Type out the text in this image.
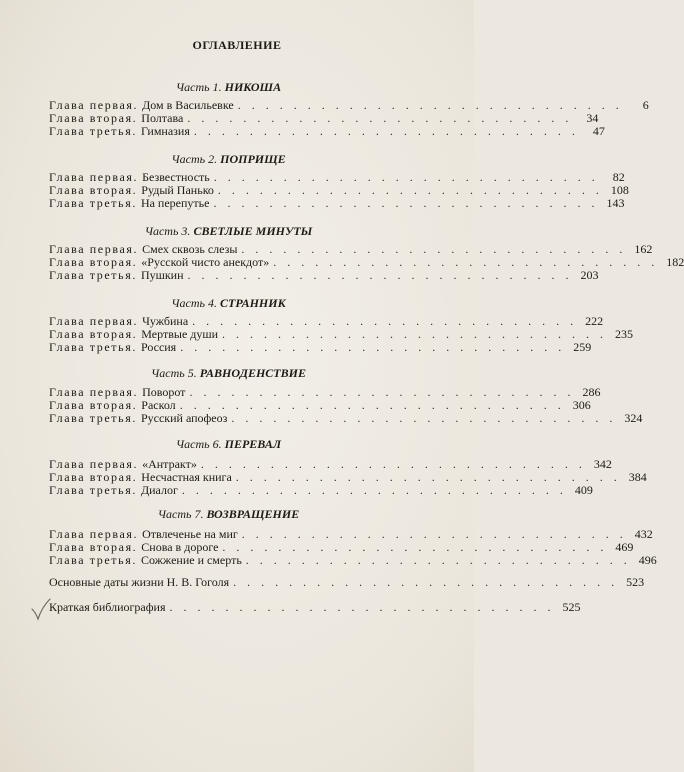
ОГЛАВЛЕНИЕ
Часть 1. НИКОША
Глава первая. Дом в Васильевке . . . . . . . . . . . . . . . . . . . . . . . . . . . .	6
Глава вторая. Полтава . . . . . . . . . . . . . . . . . . . . . . . . . . . .	34
Глава третья. Гимназия . . . . . . . . . . . . . . . . . . . . . . . . . . . .	47
Часть 2. ПОПРИЩЕ
Глава первая. Безвестность . . . . . . . . . . . . . . . . . . . . . . . . . . . .	82
Глава вторая. Рудый Панько . . . . . . . . . . . . . . . . . . . . . . . . . . . . 108
Глава третья. На перепутье . . . . . . . . . . . . . . . . . . . . . . . . . . . . 143
Часть 3. СВЕТЛЫЕ МИНУТЫ
Глава первая. Смех сквозь слезы . . . . . . . . . . . . . . . . . . . . . . . . . . . . 162
Глава вторая. «Русской чисто анекдот» . . . . . . . . . . . . . . . . . . . . . . . . . . . . 182
Глава третья. Пушкин . . . . . . . . . . . . . . . . . . . . . . . . . . . . 203
Часть 4. СТРАННИК
Глава первая. Чужбина . . . . . . . . . . . . . . . . . . . . . . . . . . . . 222
Глава вторая. Мертвые души . . . . . . . . . . . . . . . . . . . . . . . . . . . . 235
Глава третья. Россия . . . . . . . . . . . . . . . . . . . . . . . . . . . . 259
Часть 5. РАВНОДЕНСТВИЕ
Глава первая. Поворот . . . . . . . . . . . . . . . . . . . . . . . . . . . . 286
Глава вторая. Раскол . . . . . . . . . . . . . . . . . . . . . . . . . . . . 306
Глава третья. Русский апофеоз . . . . . . . . . . . . . . . . . . . . . . . . . . . . 324
Часть 6. ПЕРЕВАЛ
Глава первая. «Антракт» . . . . . . . . . . . . . . . . . . . . . . . . . . . . 342
Глава вторая. Несчастная книга . . . . . . . . . . . . . . . . . . . . . . . . . . . . 384
Глава третья. Диалог . . . . . . . . . . . . . . . . . . . . . . . . . . . . 409
Часть 7. ВОЗВРАЩЕНИЕ
Глава первая. Отвлеченье на миг . . . . . . . . . . . . . . . . . . . . . . . . . . . . 432
Глава вторая. Снова в дороге . . . . . . . . . . . . . . . . . . . . . . . . . . . . 469
Глава третья. Сожжение и смерть . . . . . . . . . . . . . . . . . . . . . . . . . . . . 496
Основные даты жизни Н. В. Гоголя . . . . . . . . . . . . . . . . . . . . . . . . . . . . 523
Краткая библиография . . . . . . . . . . . . . . . . . . . . . . . . . . . . 525
